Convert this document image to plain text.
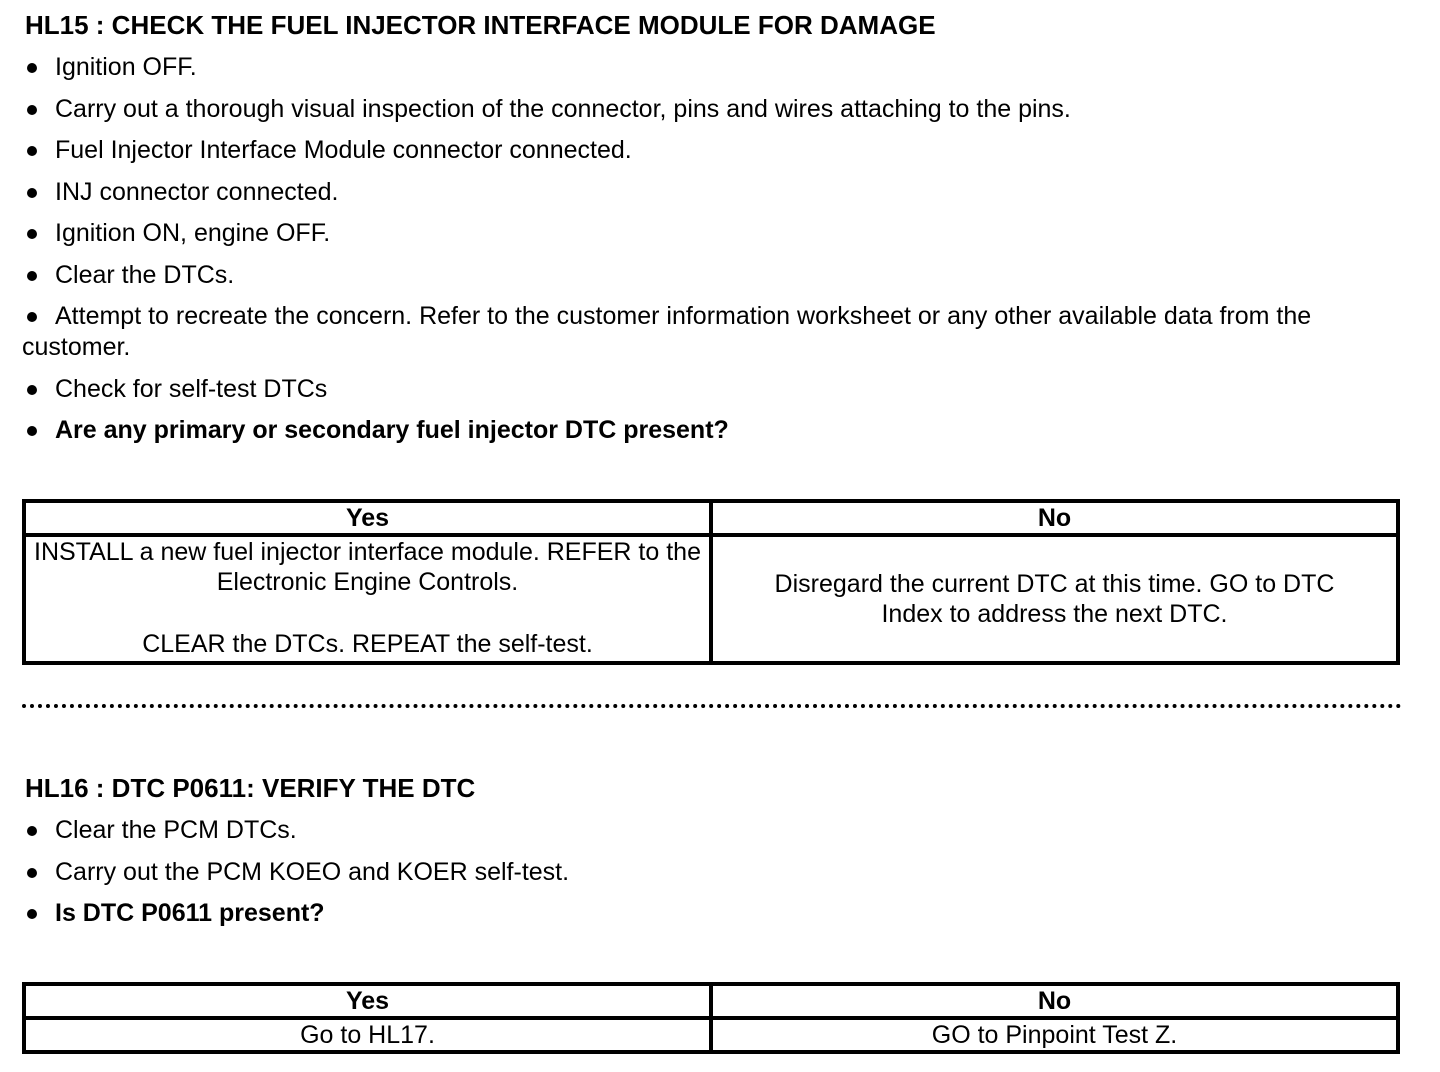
HL15 : CHECK THE FUEL INJECTOR INTERFACE MODULE FOR DAMAGE
Ignition OFF.
Carry out a thorough visual inspection of the connector, pins and wires attaching to the pins.
Fuel Injector Interface Module connector connected.
INJ connector connected.
Ignition ON, engine OFF.
Clear the DTCs.
Attempt to recreate the concern. Refer to the customer information worksheet or any other available data from the customer.
Check for self-test DTCs
Are any primary or secondary fuel injector DTC present?
Yes	No

INSTALL a new fuel injector interface module. REFER to the Electronic Engine Controls.
CLEAR the DTCs. REPEAT the self-test.	Disregard the current DTC at this time. GO to DTC Index to address the next DTC.
HL16 : DTC P0611: VERIFY THE DTC
Clear the PCM DTCs.
Carry out the PCM KOEO and KOER self-test.
Is DTC P0611 present?
Yes	No
Go to HL17.	GO to Pinpoint Test Z.
